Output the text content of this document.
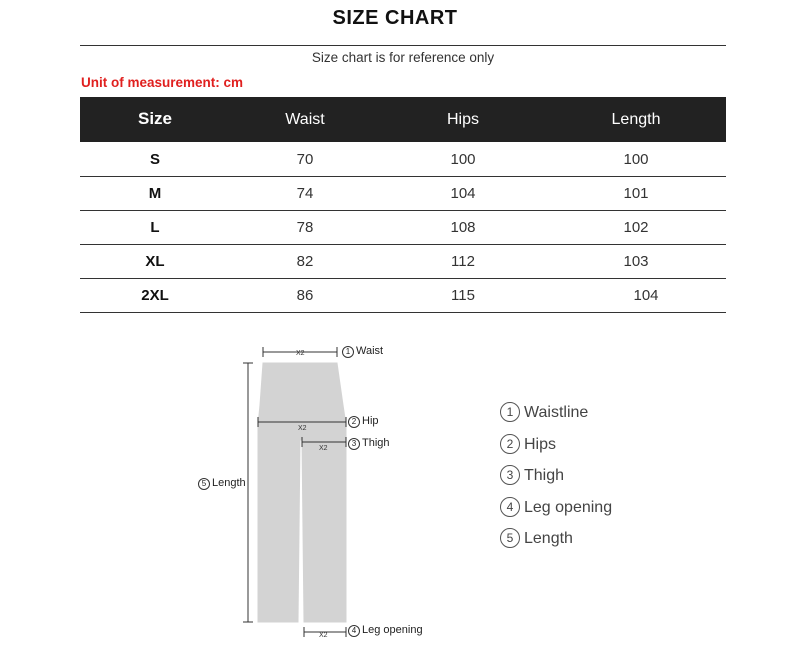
SIZE CHART
Size chart is for reference only
Unit of measurement: cm
Size	Waist	Hips	Length
S	70	100	100
M	74	104	101
L	78	108	102
XL	82	112	103
2XL	86	115	104
X2
X2
X2
X2
1 Waist
2 Hip
3 Thigh
4 Leg opening
5 Length
1 Waistline
2 Hips
3 Thigh
4 Leg opening
5 Length
